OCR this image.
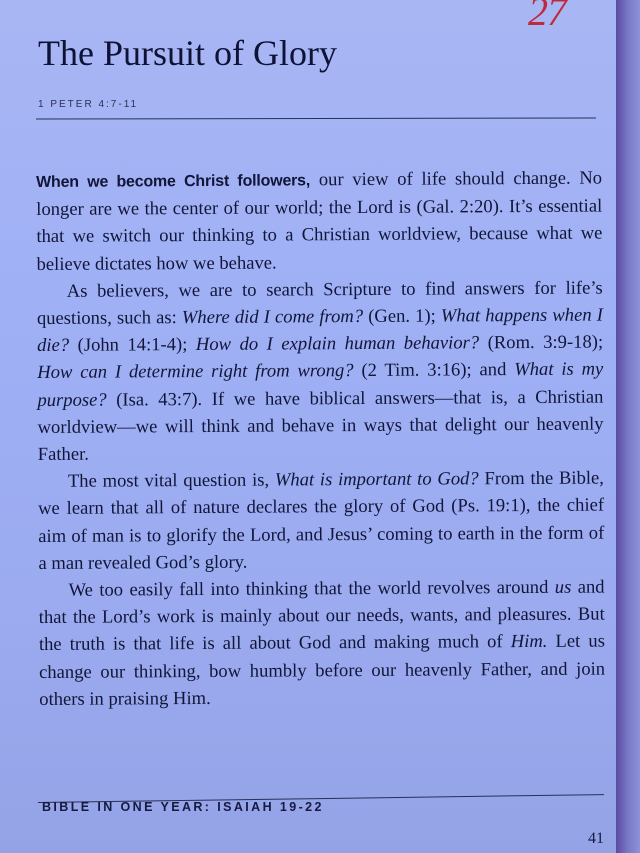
27
The Pursuit of Glory
1 PETER 4:7-11

When we become Christ followers, our view of life should change. No longer are we the center of our world; the Lord is (Gal. 2:20). It’s essential that we switch our thinking to a Christian worldview, because what we believe dictates how we behave.

As believers, we are to search Scripture to find answers for life’s questions, such as: Where did I come from? (Gen. 1); What happens when I die? (John 14:1-4); How do I explain human behavior? (Rom. 3:9-18); How can I determine right from wrong? (2 Tim. 3:16); and What is my purpose? (Isa. 43:7). If we have biblical answers—that is, a Christian worldview—we will think and behave in ways that delight our heavenly Father.

The most vital question is, What is important to God? From the Bible, we learn that all of nature declares the glory of God (Ps. 19:1), the chief aim of man is to glorify the Lord, and Jesus’ coming to earth in the form of a man revealed God’s glory.

We too easily fall into thinking that the world revolves around us and that the Lord’s work is mainly about our needs, wants, and pleasures. But the truth is that life is all about God and making much of Him. Let us change our thinking, bow humbly before our heavenly Father, and join others in praising Him.

BIBLE IN ONE YEAR: ISAIAH 19-22
41
